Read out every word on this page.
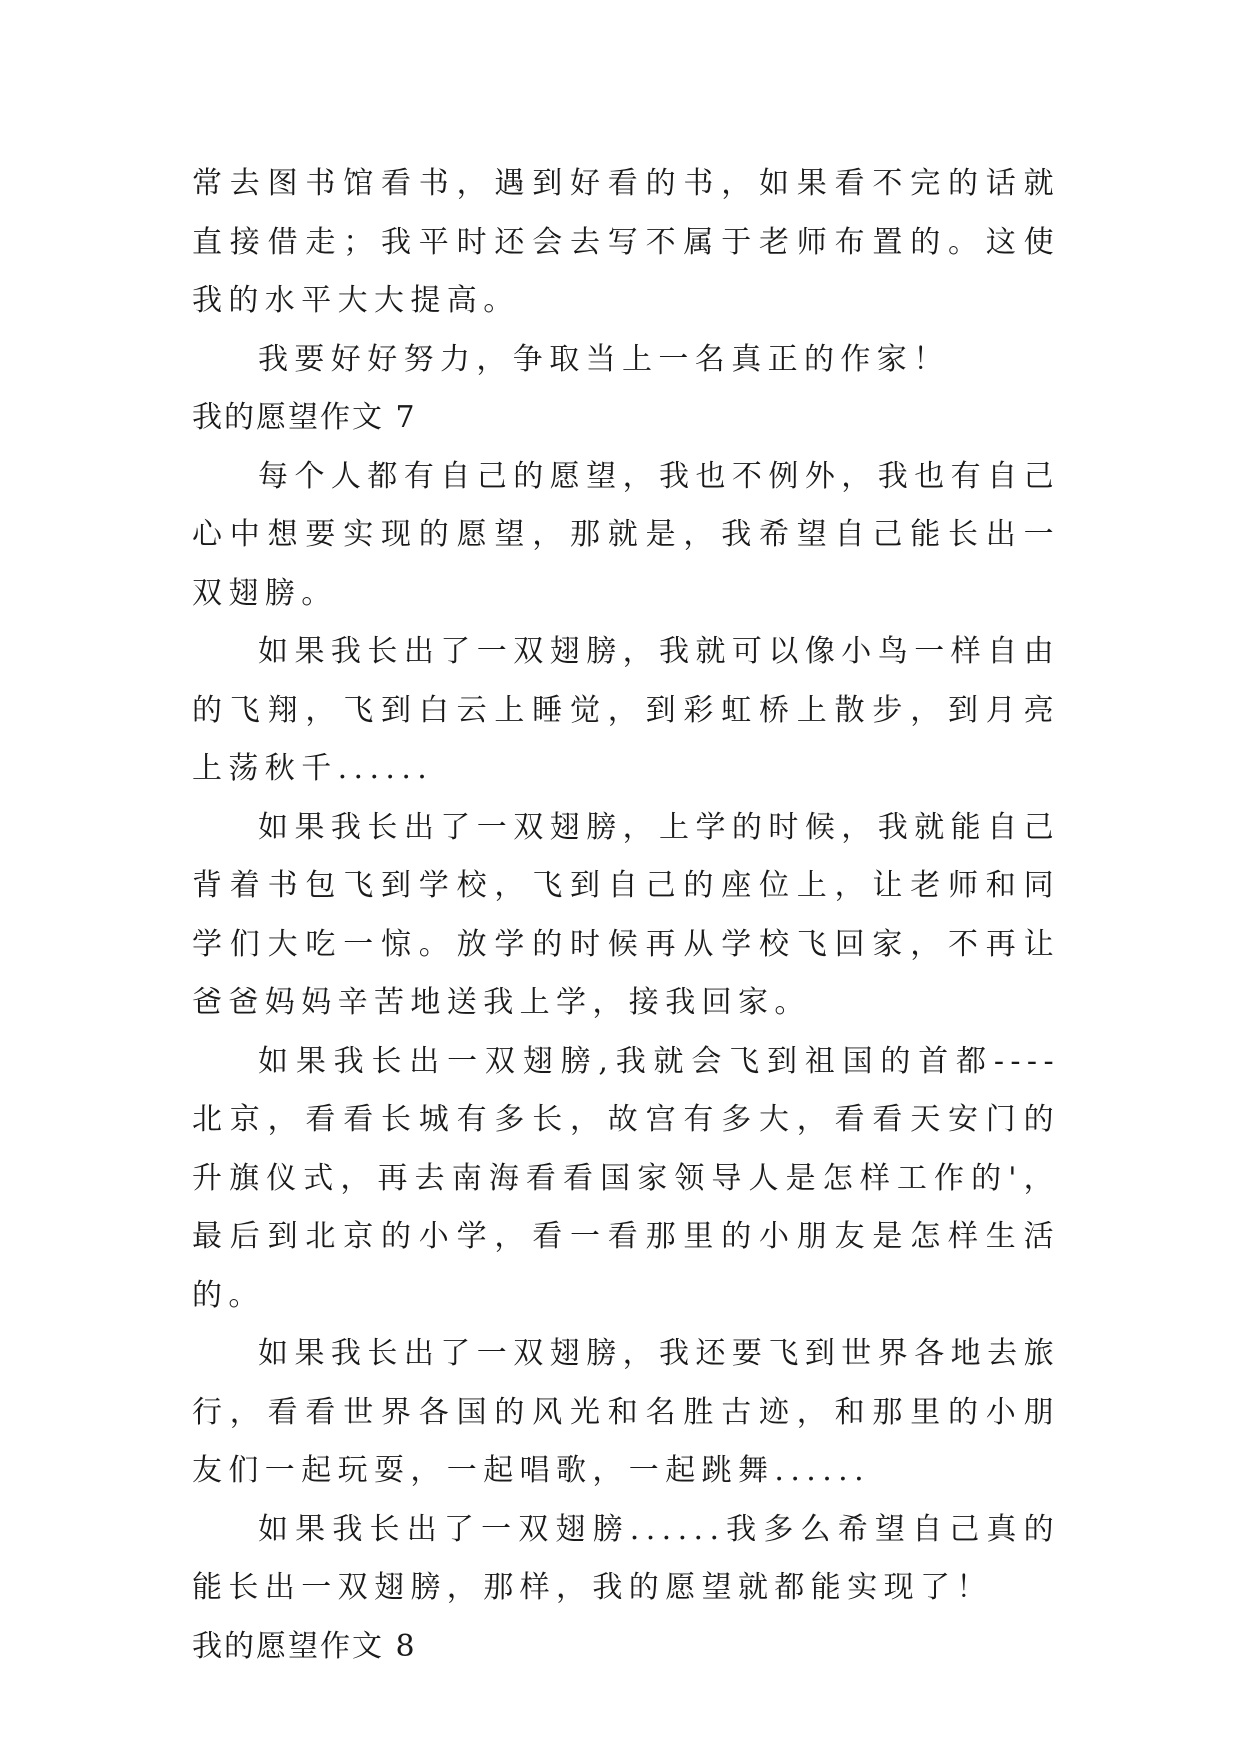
常去图书馆看书，遇到好看的书，如果看不完的话就直接借走；我平时还会去写不属于老师布置的。这使我的水平大大提高。

我要好好努力，争取当上一名真正的作家！

我的愿望作文 7

每个人都有自己的愿望，我也不例外，我也有自己心中想要实现的愿望，那就是，我希望自己能长出一双翅膀。

如果我长出了一双翅膀，我就可以像小鸟一样自由的飞翔，飞到白云上睡觉，到彩虹桥上散步，到月亮上荡秋千......

如果我长出了一双翅膀，上学的时候，我就能自己背着书包飞到学校，飞到自己的座位上，让老师和同学们大吃一惊。放学的时候再从学校飞回家，不再让爸爸妈妈辛苦地送我上学，接我回家。

如果我长出一双翅膀,我就会飞到祖国的首都----北京，看看长城有多长，故宫有多大，看看天安门的升旗仪式，再去南海看看国家领导人是怎样工作的'，最后到北京的小学，看一看那里的小朋友是怎样生活的。

如果我长出了一双翅膀，我还要飞到世界各地去旅行，看看世界各国的风光和名胜古迹，和那里的小朋友们一起玩耍，一起唱歌，一起跳舞......

如果我长出了一双翅膀......我多么希望自己真的能长出一双翅膀，那样，我的愿望就都能实现了！

我的愿望作文 8
